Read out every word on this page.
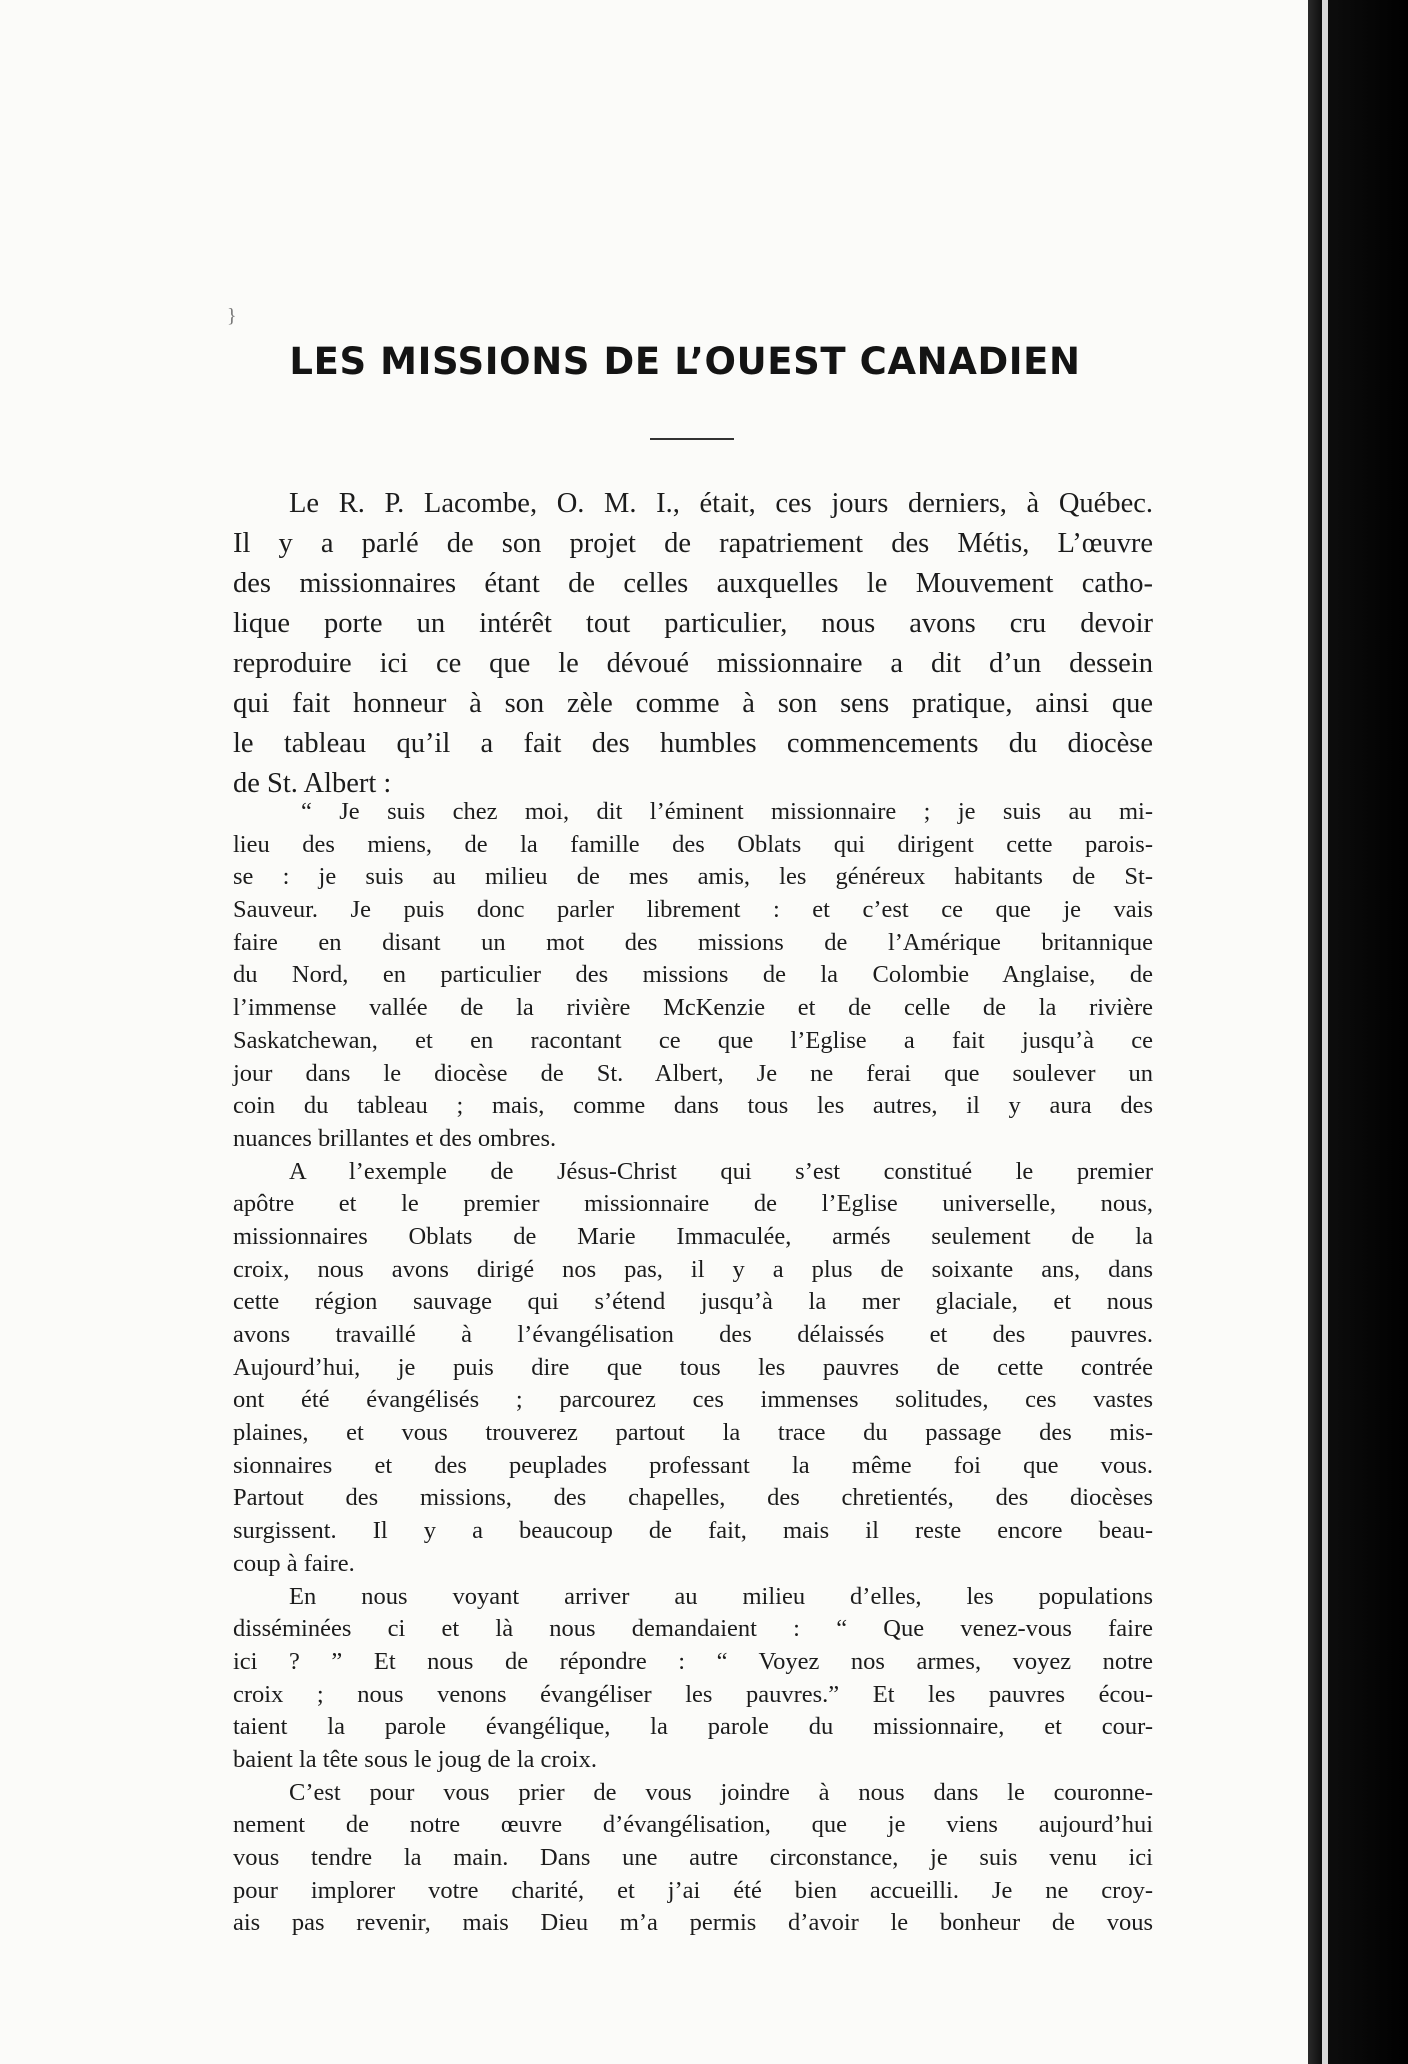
}
LES MISSIONS DE L’OUEST CANADIEN
Le R. P. Lacombe, O. M. I., était, ces jours derniers, à Québec.
Il y a parlé de son projet de rapatriement des Métis, L’œuvre
des missionnaires étant de celles auxquelles le Mouvement catho-
lique porte un intérêt tout particulier, nous avons cru devoir
reproduire ici ce que le dévoué missionnaire a dit d’un dessein
qui fait honneur à son zèle comme à son sens pratique, ainsi que
le tableau qu’il a fait des humbles commencements du diocèse
de St. Albert :
“ Je suis chez moi, dit l’éminent missionnaire ; je suis au mi-
lieu des miens, de la famille des Oblats qui dirigent cette parois-
se : je suis au milieu de mes amis, les généreux habitants de St-
Sauveur. Je puis donc parler librement : et c’est ce que je vais
faire en disant un mot des missions de l’Amérique britannique
du Nord, en particulier des missions de la Colombie Anglaise, de
l’immense vallée de la rivière McKenzie et de celle de la rivière
Saskatchewan, et en racontant ce que l’Eglise a fait jusqu’à ce
jour dans le diocèse de St. Albert, Je ne ferai que soulever un
coin du tableau ; mais, comme dans tous les autres, il y aura des
nuances brillantes et des ombres.
A l’exemple de Jésus-Christ qui s’est constitué le premier
apôtre et le premier missionnaire de l’Eglise universelle, nous,
missionnaires Oblats de Marie Immaculée, armés seulement de la
croix, nous avons dirigé nos pas, il y a plus de soixante ans, dans
cette région sauvage qui s’étend jusqu’à la mer glaciale, et nous
avons travaillé à l’évangélisation des délaissés et des pauvres.
Aujourd’hui, je puis dire que tous les pauvres de cette contrée
ont été évangélisés ; parcourez ces immenses solitudes, ces vastes
plaines, et vous trouverez partout la trace du passage des mis-
sionnaires et des peuplades professant la même foi que vous.
Partout des missions, des chapelles, des chretientés, des diocèses
surgissent. Il y a beaucoup de fait, mais il reste encore beau-
coup à faire.
En nous voyant arriver au milieu d’elles, les populations
disséminées ci et là nous demandaient : “ Que venez-vous faire
ici ? ” Et nous de répondre : “ Voyez nos armes, voyez notre
croix ; nous venons évangéliser les pauvres.” Et les pauvres écou-
taient la parole évangélique, la parole du missionnaire, et cour-
baient la tête sous le joug de la croix.
C’est pour vous prier de vous joindre à nous dans le couronne-
nement de notre œuvre d’évangélisation, que je viens aujourd’hui
vous tendre la main. Dans une autre circonstance, je suis venu ici
pour implorer votre charité, et j’ai été bien accueilli. Je ne croy-
ais pas revenir, mais Dieu m’a permis d’avoir le bonheur de vous
